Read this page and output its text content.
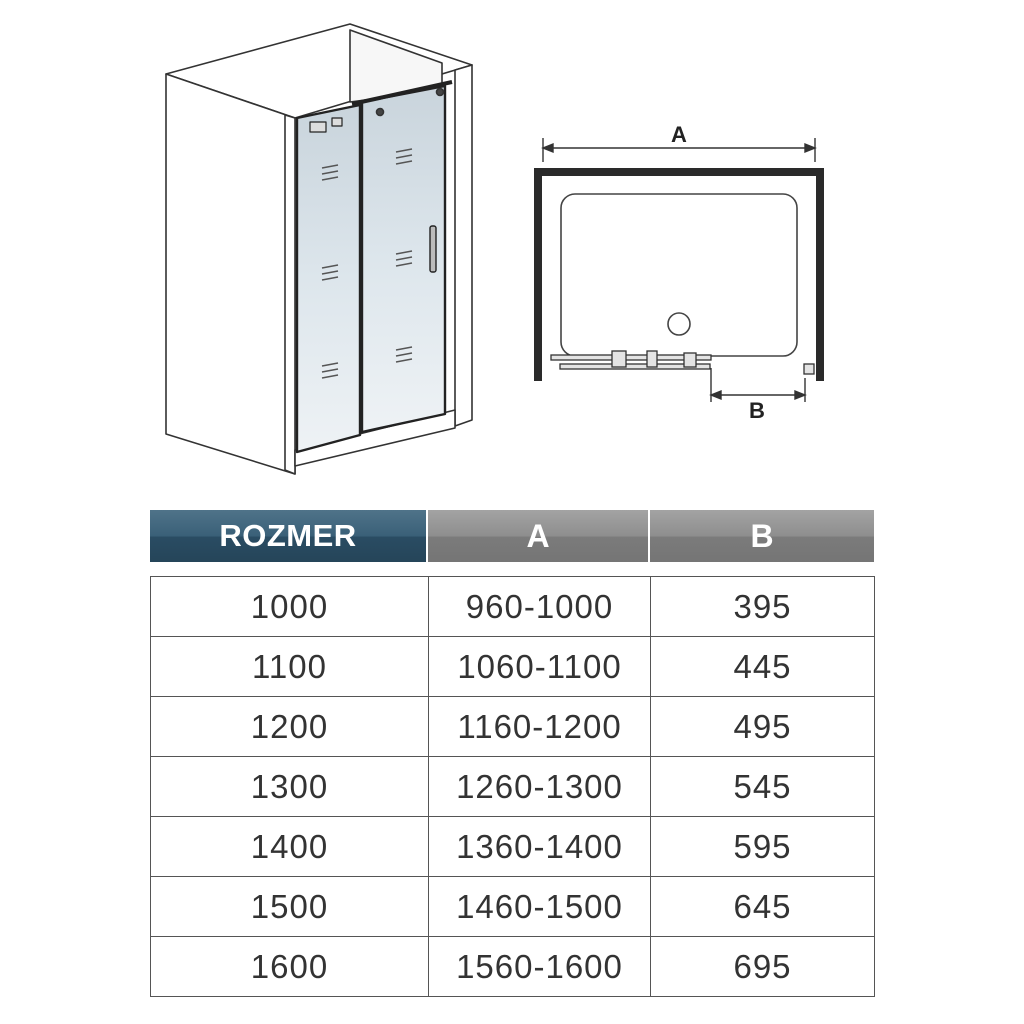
A
B
ROZMER	A	B
1000	960-1000	395
1100	1060-1100	445
1200	1160-1200	495
1300	1260-1300	545
1400	1360-1400	595
1500	1460-1500	645
1600	1560-1600	695
